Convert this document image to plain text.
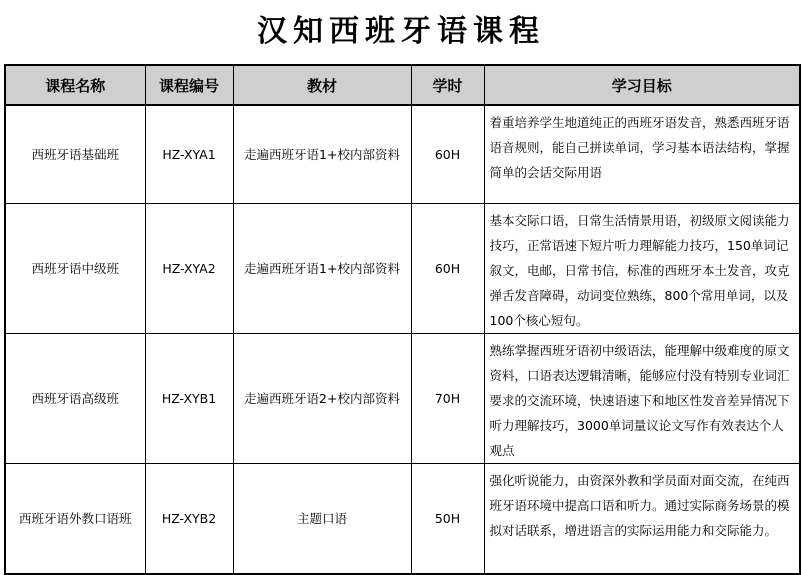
汉知西班牙语课程
课程名称	课程编号	教材	学时	学习目标
西班牙语基础班	HZ-XYA1	走遍西班牙语1+校内部资料	60H	着重培养学生地道纯正的西班牙语发音，熟悉西班牙语语音规则，能自己拼读单词，学习基本语法结构，掌握简单的会话交际用语
西班牙语中级班	HZ-XYA2	走遍西班牙语1+校内部资料	60H	基本交际口语，日常生活情景用语，初级原文阅读能力技巧，正常语速下短片听力理解能力技巧，150单词记叙文，电邮，日常书信，标准的西班牙本土发音，攻克弹舌发音障碍，动词变位熟练，800个常用单词，以及100个核心短句。
西班牙语高级班	HZ-XYB1	走遍西班牙语2+校内部资料	70H	熟练掌握西班牙语初中级语法，能理解中级难度的原文资料，口语表达逻辑清晰，能够应付没有特别专业词汇要求的交流环境，快速语速下和地区性发音差异情况下听力理解技巧，3000单词量议论文写作有效表达个人观点
西班牙语外教口语班	HZ-XYB2	主题口语	50H	强化听说能力，由资深外教和学员面对面交流，在纯西班牙语环境中提高口语和听力。通过实际商务场景的模拟对话联系，增进语言的实际运用能力和交际能力。
